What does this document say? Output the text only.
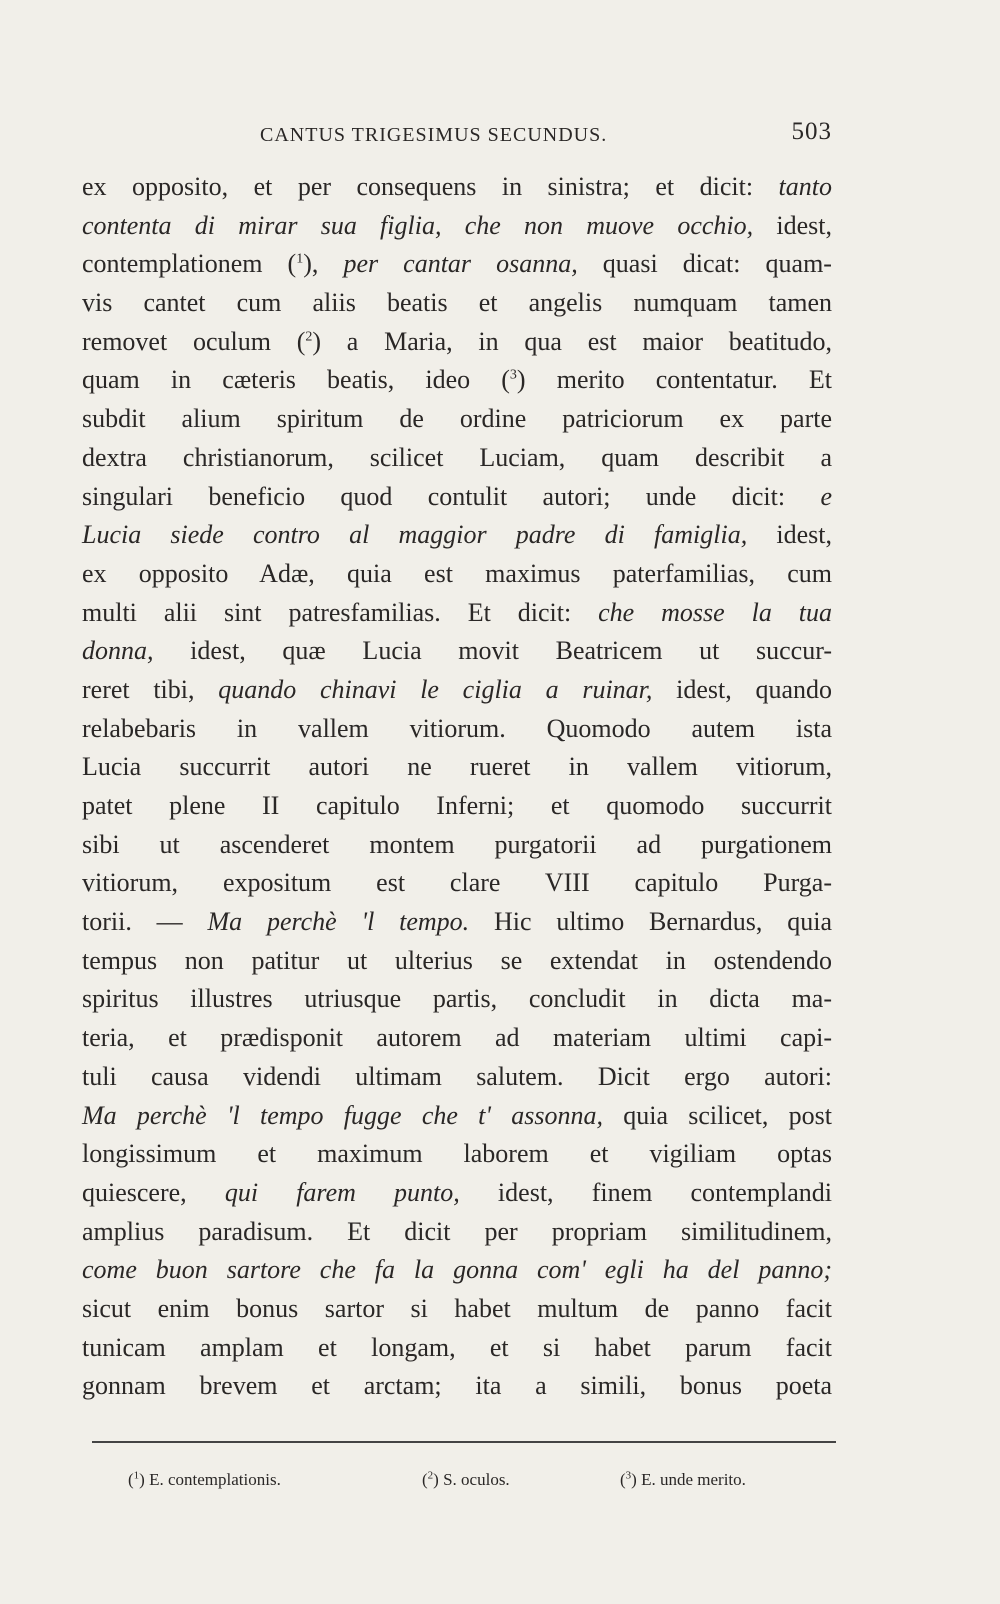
CANTUS TRIGESIMUS SECUNDUS.	503
ex opposito, et per consequens in sinistra; et dicit: tanto
contenta di mirar sua figlia, che non muove occhio, idest,
contemplationem ($^1$), per cantar osanna, quasi dicat: quam-
vis cantet cum aliis beatis et angelis numquam tamen
removet oculum ($^2$) a Maria, in qua est maior beatitudo,
quam in cæteris beatis, ideo ($^3$) merito contentatur. Et
subdit alium spiritum de ordine patriciorum ex parte
dextra christianorum, scilicet Luciam, quam describit a
singulari beneficio quod contulit autori; unde dicit: e
Lucia siede contro al maggior padre di famiglia, idest,
ex opposito Adæ, quia est maximus paterfamilias, cum
multi alii sint patresfamilias. Et dicit: che mosse la tua
donna, idest, quæ Lucia movit Beatricem ut succur-
reret tibi, quando chinavi le ciglia a ruinar, idest, quando
relabebaris in vallem vitiorum. Quomodo autem ista
Lucia succurrit autori ne rueret in vallem vitiorum,
patet plene II capitulo Inferni; et quomodo succurrit
sibi ut ascenderet montem purgatorii ad purgationem
vitiorum, expositum est clare VIII capitulo Purga-
torii. — Ma perchè 'l tempo. Hic ultimo Bernardus, quia
tempus non patitur ut ulterius se extendat in ostendendo
spiritus illustres utriusque partis, concludit in dicta ma-
teria, et prædisponit autorem ad materiam ultimi capi-
tuli causa videndi ultimam salutem. Dicit ergo autori:
Ma perchè 'l tempo fugge che t' assonna, quia scilicet, post
longissimum et maximum laborem et vigiliam optas
quiescere, qui farem punto, idest, finem contemplandi
amplius paradisum. Et dicit per propriam similitudinem,
come buon sartore che fa la gonna com' egli ha del panno;
sicut enim bonus sartor si habet multum de panno facit
tunicam amplam et longam, et si habet parum facit
gonnam brevem et arctam; ita a simili, bonus poeta
($^1$) E. contemplationis.	($^2$) S. oculos.	($^3$) E. unde merito.
